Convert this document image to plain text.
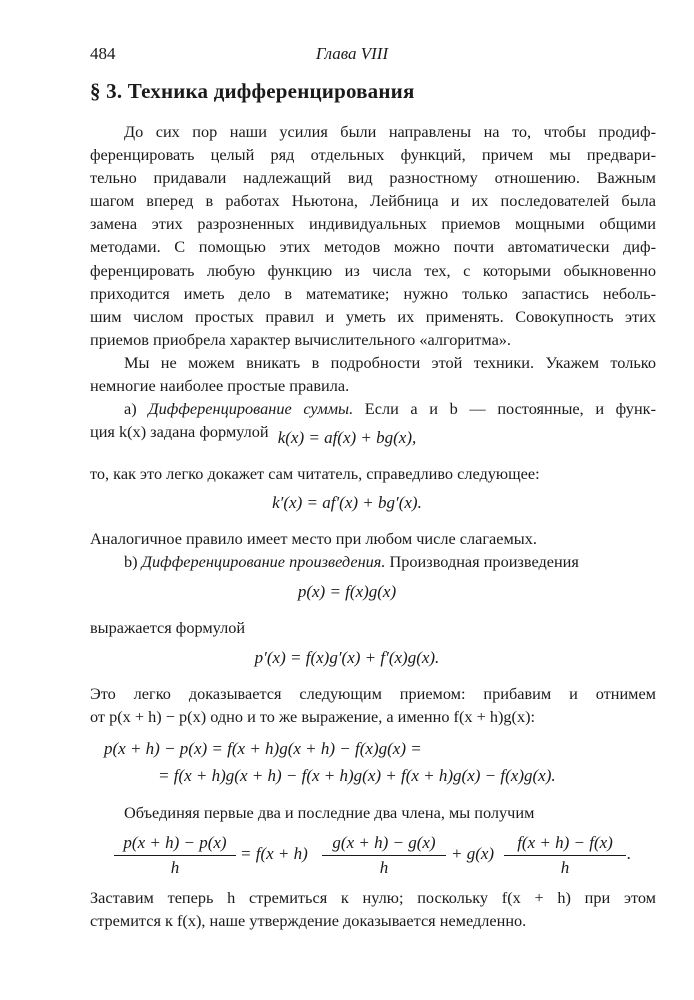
484	Глава VIII
§ 3. Техника дифференцирования
До сих пор наши усилия были направлены на то, чтобы продиф-
ференцировать целый ряд отдельных функций, причем мы предвари-
тельно придавали надлежащий вид разностному отношению. Важным
шагом вперед в работах Ньютона, Лейбница и их последователей была
замена этих разрозненных индивидуальных приемов мощными общими
методами. С помощью этих методов можно почти автоматически диф-
ференцировать любую функцию из числа тех, с которыми обыкновенно
приходится иметь дело в математике; нужно только запастись неболь-
шим числом простых правил и уметь их применять. Совокупность этих
приемов приобрела характер вычислительного «алгоритма».
Мы не можем вникать в подробности этой техники. Укажем только
немногие наиболее простые правила.
a) Дифференцирование суммы. Если a и b — постоянные, и функ-
ция k(x) задана формулой k(x) = af(x) + bg(x),
то, как это легко докажет сам читатель, справедливо следующее:
k′(x) = af′(x) + bg′(x).
Аналогичное правило имеет место при любом числе слагаемых.
b) Дифференцирование произведения. Производная произведения
p(x) = f(x)g(x)
выражается формулой
p′(x) = f(x)g′(x) + f′(x)g(x).
Это легко доказывается следующим приемом: прибавим и отнимем
от p(x + h) − p(x) одно и то же выражение, а именно f(x + h)g(x):
p(x + h) − p(x) = f(x + h)g(x + h) − f(x)g(x) =
= f(x + h)g(x + h) − f(x + h)g(x) + f(x + h)g(x) − f(x)g(x).
Объединяя первые два и последние два члена, мы получим
p(x + h) − p(x)
h
= f(x + h)
g(x + h) − g(x)
h
+ g(x)
f(x + h) − f(x)
h
.
Заставим теперь h стремиться к нулю; поскольку f(x + h) при этом
стремится к f(x), наше утверждение доказывается немедленно.
